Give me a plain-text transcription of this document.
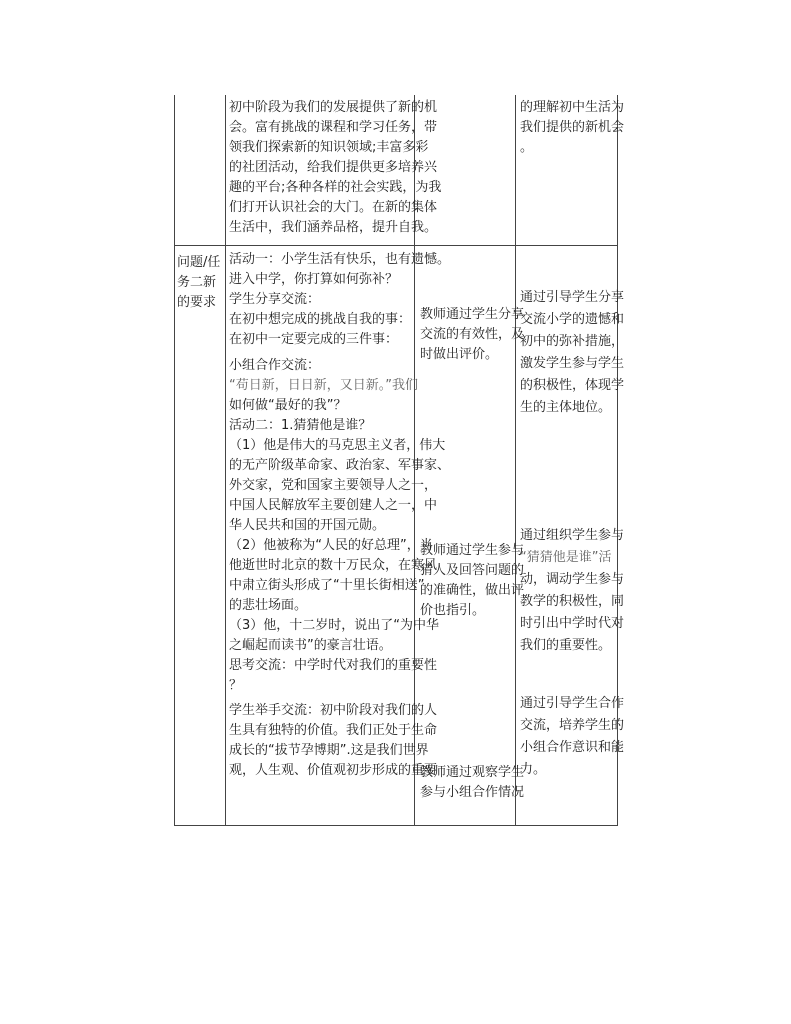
初中阶段为我们的发展提供了新的机
会。富有挑战的课程和学习任务，带
领我们探索新的知识领域;丰富多彩
的社团活动，给我们提供更多培养兴
趣的平台;各种各样的社会实践，为我
们打开认识社会的大门。在新的集体
生活中，我们涵养品格，提升自我。
的理解初中生活为
我们提供的新机会
。
问题/任
务二新
的要求
活动一：小学生活有快乐，也有遗憾。
进入中学，你打算如何弥补？
学生分享交流：
在初中想完成的挑战自我的事：
在初中一定要完成的三件事：
小组合作交流：
“苟日新，日日新，又日新。”我们
如何做“最好的我”？
活动二：1.猜猜他是谁？
（1）他是伟大的马克思主义者，伟大
的无产阶级革命家、政治家、军事家、
外交家，党和国家主要领导人之一，
中国人民解放军主要创建人之一，中
华人民共和国的开国元勋。
（2）他被称为“人民的好总理”，当
他逝世时北京的数十万民众，在寒风
中肃立街头形成了“十里长街相送”
的悲壮场面。
（3）他，十二岁时，说出了“为中华
之崛起而读书”的豪言壮语。
思考交流：中学时代对我们的重要性
？
学生举手交流：初中阶段对我们的人
生具有独特的价值。我们正处于生命
成长的“拔节孕博期”.这是我们世界
观，人生观、价值观初步形成的重要
教师通过学生分享
交流的有效性，及
时做出评价。
教师通过学生参与
猜人及回答问题的
的准确性，做出评
价也指引。
教师通过观察学生
参与小组合作情况
通过引导学生分享
交流小学的遗憾和
初中的弥补措施，
激发学生参与学生
的积极性，体现学
生的主体地位。
通过组织学生参与
“猜猜他是谁”活
动，调动学生参与
教学的积极性，同
时引出中学时代对
我们的重要性。
通过引导学生合作
交流，培养学生的
小组合作意识和能
力。
